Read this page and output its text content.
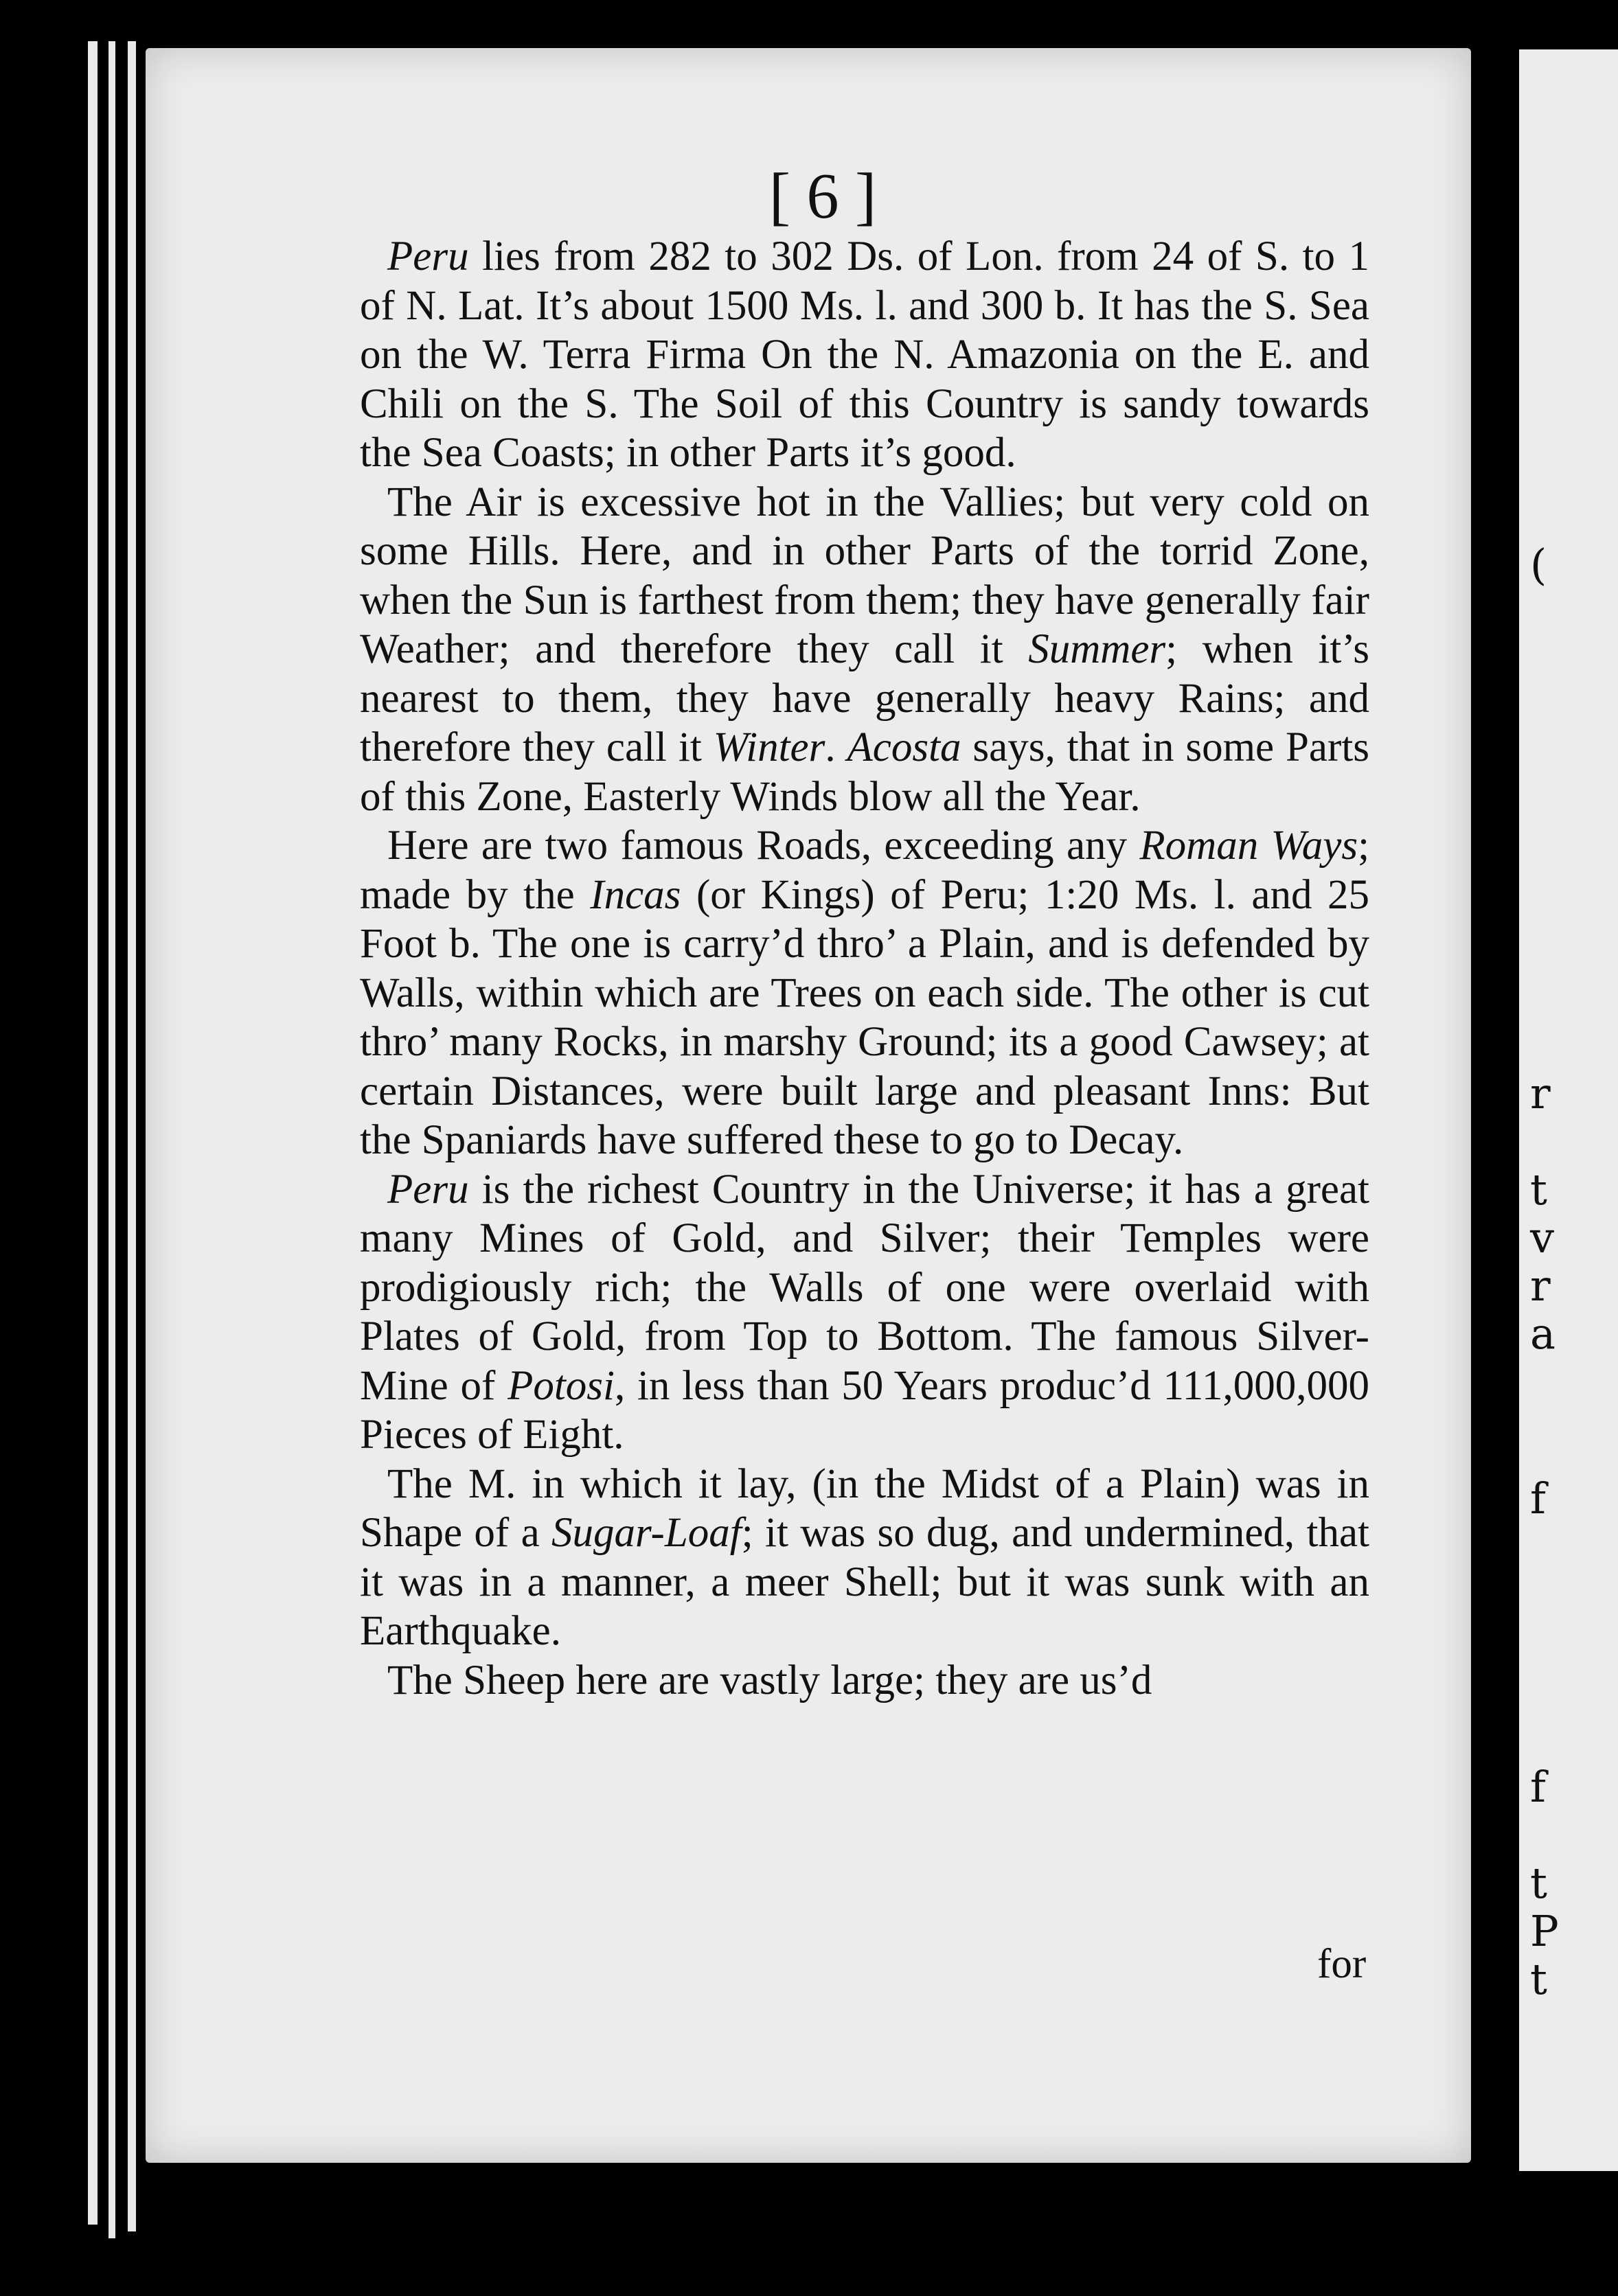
(
r
t
v
r
a
f
f
t
P
t
[ 6 ]

Peru lies from 282 to 302 Ds. of Lon. from 24 of S. to 1 of N. Lat. It’s about 1500 Ms. l. and 300 b. It has the S. Sea on the W. Terra Firma On the N. Amazonia on the E. and Chili on the S. The Soil of this Country is sandy towards the Sea Coasts; in other Parts it’s good.

The Air is excessive hot in the Vallies; but very cold on some Hills. Here, and in other Parts of the torrid Zone, when the Sun is farthest from them; they have generally fair Weather; and therefore they call it Summer; when it’s nearest to them, they have generally heavy Rains; and therefore they call it Winter. Acosta says, that in some Parts of this Zone, Easterly Winds blow all the Year.

Here are two famous Roads, exceeding any Roman Ways; made by the Incas (or Kings) of Peru; 1:20 Ms. l. and 25 Foot b. The one is carry’d thro’ a Plain, and is defended by Walls, within which are Trees on each side. The other is cut thro’ many Rocks, in marshy Ground; its a good Cawsey; at certain Distances, were built large and pleasant Inns: But the Spaniards have suffered these to go to Decay.

Peru is the richest Country in the Universe; it has a great many Mines of Gold, and Silver; their Temples were prodigiously rich; the Walls of one were overlaid with Plates of Gold, from Top to Bottom. The famous Silver-Mine of Potosi, in less than 50 Years produc’d 111,000,000 Pieces of Eight.

The M. in which it lay, (in the Midst of a Plain) was in Shape of a Sugar-Loaf; it was so dug, and undermined, that it was in a manner, a meer Shell; but it was sunk with an Earthquake.

The Sheep here are vastly large; they are us’d

for
